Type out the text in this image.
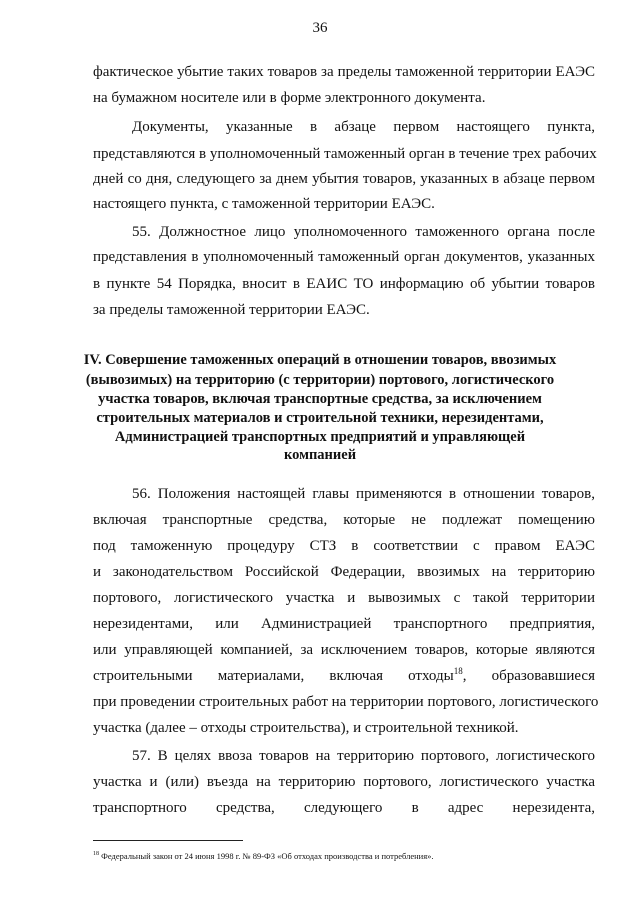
36
фактическое убытие таких товаров за пределы таможенной территории ЕАЭС
на бумажном носителе или в форме электронного документа.
Документы, указанные в абзаце первом настоящего пункта,
представляются в уполномоченный таможенный орган в течение трех рабочих
дней со дня, следующего за днем убытия товаров, указанных в абзаце первом
настоящего пункта, с таможенной территории ЕАЭС.
55. Должностное лицо уполномоченного таможенного органа после
представления в уполномоченный таможенный орган документов, указанных
в пункте 54 Порядка, вносит в ЕАИС ТО информацию об убытии товаров
за пределы таможенной территории ЕАЭС.
IV. Совершение таможенных операций в отношении товаров, ввозимых
(вывозимых) на территорию (с территории) портового, логистического
участка товаров, включая транспортные средства, за исключением
строительных материалов и строительной техники, нерезидентами,
Администрацией транспортных предприятий и управляющей
компанией
56. Положения настоящей главы применяются в отношении товаров,
включая транспортные средства, которые не подлежат помещению
под таможенную процедуру СТЗ в соответствии с правом ЕАЭС
и законодательством Российской Федерации, ввозимых на территорию
портового, логистического участка и вывозимых с такой территории
нерезидентами, или Администрацией транспортного предприятия,
или управляющей компанией, за исключением товаров, которые являются
строительными материалами, включая отходы$^{18}$, образовавшиеся
при проведении строительных работ на территории портового, логистического
участка (далее – отходы строительства), и строительной техникой.
57. В целях ввоза товаров на территорию портового, логистического
участка и (или) въезда на территорию портового, логистического участка
транспортного средства, следующего в адрес нерезидента,
$^{18}$ Федеральный закон от 24 июня 1998 г. № 89-ФЗ «Об отходах производства и потребления».
